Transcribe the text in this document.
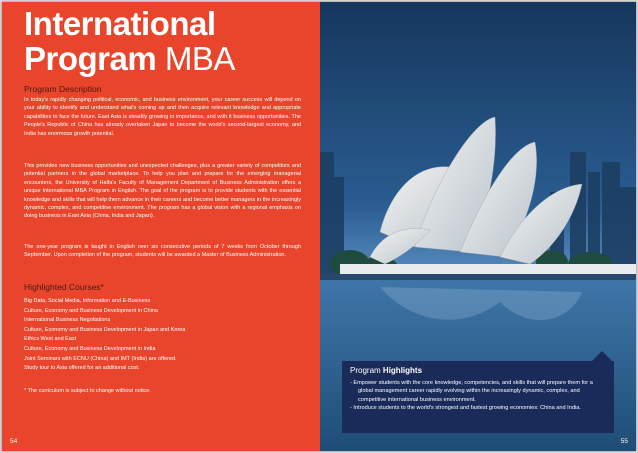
International
Program MBA
Program Description
In today's rapidly changing political, economic, and business environment, your career success will depend on your ability to identify and understand what's coming up and then acquire relevant knowledge and appropriate capabilities to face the future. East Asia is steadily growing in importance, and with it business opportunities. The People's Republic of China has already overtaken Japan to become the world's second-largest economy, and India has enormous growth potential.
This provides new business opportunities and unexpected challenges, plus a greater variety of competitors and potential partners in the global marketplace. To help you plan and prepare for the emerging managerial encounters, the University of Haifa's Faculty of Management Department of Business Administration offers a unique International MBA Program in English. The goal of the program is to provide students with the essential knowledge and skills that will help them advance in their careers and become better managers in the increasingly dynamic, complex, and competitive environment. The program has a global vision with a regional emphasis on doing business in East Asia (China, India and Japan).
The one-year program is taught in English over six consecutive periods of 7 weeks from October through September. Upon completion of the program, students will be awarded a Master of Business Administration.
Highlighted Courses*
Big Data, Social Media, Information and E-Business
Culture, Economy and Business Development in China
International Business Negotiations
Culture, Economy and Business Development in Japan and Korea
Ethics West and East
Culture, Economy and Business Development in India
Joint Seminars with ECNU (China) and IMT (India) are offered.
Study tour to Asia offered for an additional cost.
* The curriculum is subject to change without notice.
54
Program Highlights
- Empower students with the core knowledge, competencies, and skills that will prepare them for a global management career rapidly evolving within the increasingly dynamic, complex, and competitive international business environment.
- Introduce students to the world's strongest and fastest growing economies: China and India.
55
